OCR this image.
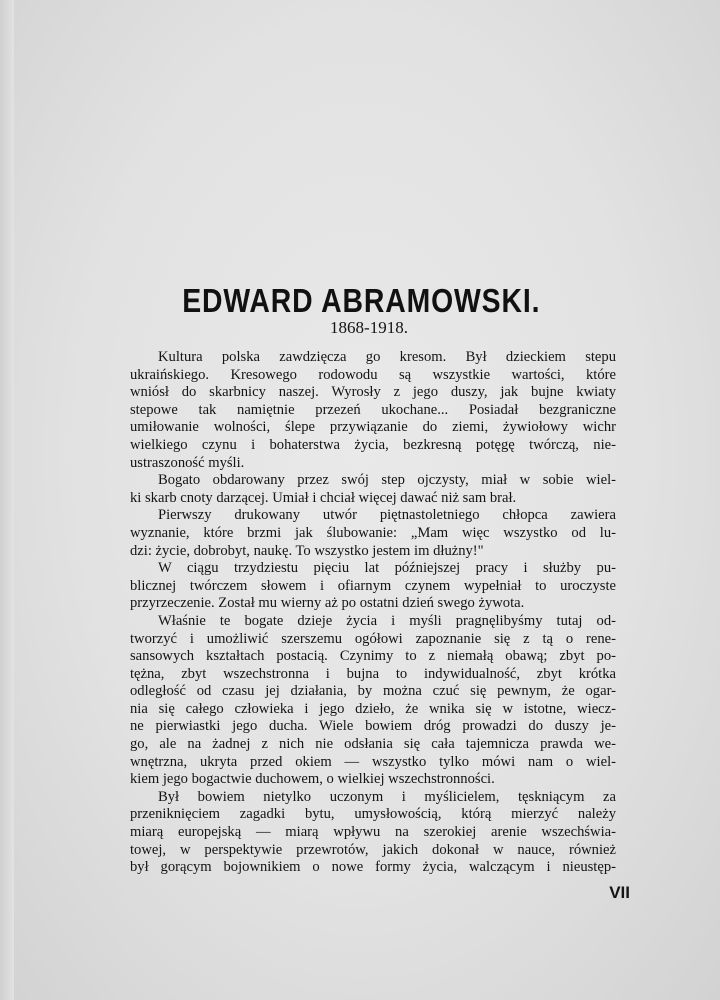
EDWARD ABRAMOWSKI.

1868-1918.

Kultura polska zawdzięcza go kresom. Był dzieckiem stepu
ukraińskiego. Kresowego rodowodu są wszystkie wartości, które
wniósł do skarbnicy naszej. Wyrosły z jego duszy, jak bujne kwiaty
stepowe tak namiętnie przezeń ukochane... Posiadał bezgraniczne
umiłowanie wolności, ślepe przywiązanie do ziemi, żywiołowy wichr
wielkiego czynu i bohaterstwa życia, bezkresną potęgę twórczą, nie-
ustraszoność myśli.
Bogato obdarowany przez swój step ojczysty, miał w sobie wiel-
ki skarb cnoty darzącej. Umiał i chciał więcej dawać niż sam brał.
Pierwszy drukowany utwór piętnastoletniego chłopca zawiera
wyznanie, które brzmi jak ślubowanie: „Mam więc wszystko od lu-
dzi: życie, dobrobyt, naukę. To wszystko jestem im dłużny!"
W ciągu trzydziestu pięciu lat późniejszej pracy i służby pu-
blicznej twórczem słowem i ofiarnym czynem wypełniał to uroczyste
przyrzeczenie. Został mu wierny aż po ostatni dzień swego żywota.
Właśnie te bogate dzieje życia i myśli pragnęlibyśmy tutaj od-
tworzyć i umożliwić szerszemu ogółowi zapoznanie się z tą o rene-
sansowych kształtach postacią. Czynimy to z niemałą obawą; zbyt po-
tężna, zbyt wszechstronna i bujna to indywidualność, zbyt krótka
odległość od czasu jej działania, by można czuć się pewnym, że ogar-
nia się całego człowieka i jego dzieło, że wnika się w istotne, wiecz-
ne pierwiastki jego ducha. Wiele bowiem dróg prowadzi do duszy je-
go, ale na żadnej z nich nie odsłania się cała tajemnicza prawda we-
wnętrzna, ukryta przed okiem — wszystko tylko mówi nam o wiel-
kiem jego bogactwie duchowem, o wielkiej wszechstronności.
Był bowiem nietylko uczonym i myślicielem, tęskniącym za
przeniknięciem zagadki bytu, umysłowością, którą mierzyć należy
miarą europejską — miarą wpływu na szerokiej arenie wszechświa-
towej, w perspektywie przewrotów, jakich dokonał w nauce, również
był gorącym bojownikiem o nowe formy życia, walczącym i nieustęp-

VII
